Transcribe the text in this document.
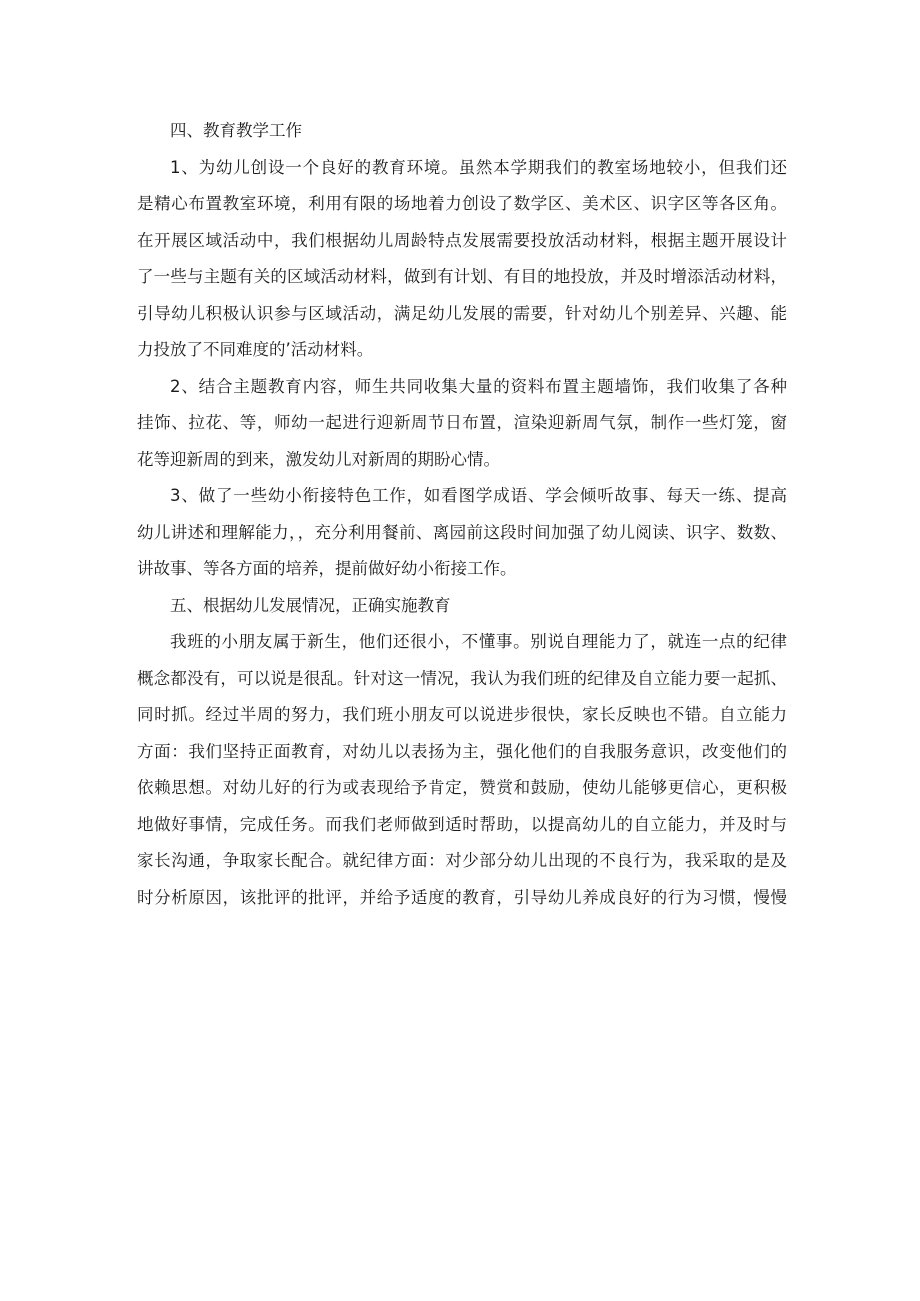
四、教育教学工作
1、为幼儿创设一个良好的教育环境。虽然本学期我们的教室场地较小，但我们还
是精心布置教室环境，利用有限的场地着力创设了数学区、美术区、识字区等各区角。
在开展区域活动中，我们根据幼儿周龄特点发展需要投放活动材料，根据主题开展设计
了一些与主题有关的区域活动材料，做到有计划、有目的地投放，并及时增添活动材料，
引导幼儿积极认识参与区域活动，满足幼儿发展的需要，针对幼儿个别差异、兴趣、能
力投放了不同难度的’活动材料。
2、结合主题教育内容，师生共同收集大量的资料布置主题墙饰，我们收集了各种
挂饰、拉花、等，师幼一起进行迎新周节日布置，渲染迎新周气氛，制作一些灯笼，窗
花等迎新周的到来，激发幼儿对新周的期盼心情。
3、做了一些幼小衔接特色工作，如看图学成语、学会倾听故事、每天一练、提高
幼儿讲述和理解能力，，充分利用餐前、离园前这段时间加强了幼儿阅读、识字、数数、
讲故事、等各方面的培养，提前做好幼小衔接工作。
五、根据幼儿发展情况，正确实施教育
我班的小朋友属于新生，他们还很小，不懂事。别说自理能力了，就连一点的纪律
概念都没有，可以说是很乱。针对这一情况，我认为我们班的纪律及自立能力要一起抓、
同时抓。经过半周的努力，我们班小朋友可以说进步很快，家长反映也不错。自立能力
方面：我们坚持正面教育，对幼儿以表扬为主，强化他们的自我服务意识，改变他们的
依赖思想。对幼儿好的行为或表现给予肯定，赞赏和鼓励，使幼儿能够更信心，更积极
地做好事情，完成任务。而我们老师做到适时帮助，以提高幼儿的自立能力，并及时与
家长沟通，争取家长配合。就纪律方面：对少部分幼儿出现的不良行为，我采取的是及
时分析原因，该批评的批评，并给予适度的教育，引导幼儿养成良好的行为习惯，慢慢
